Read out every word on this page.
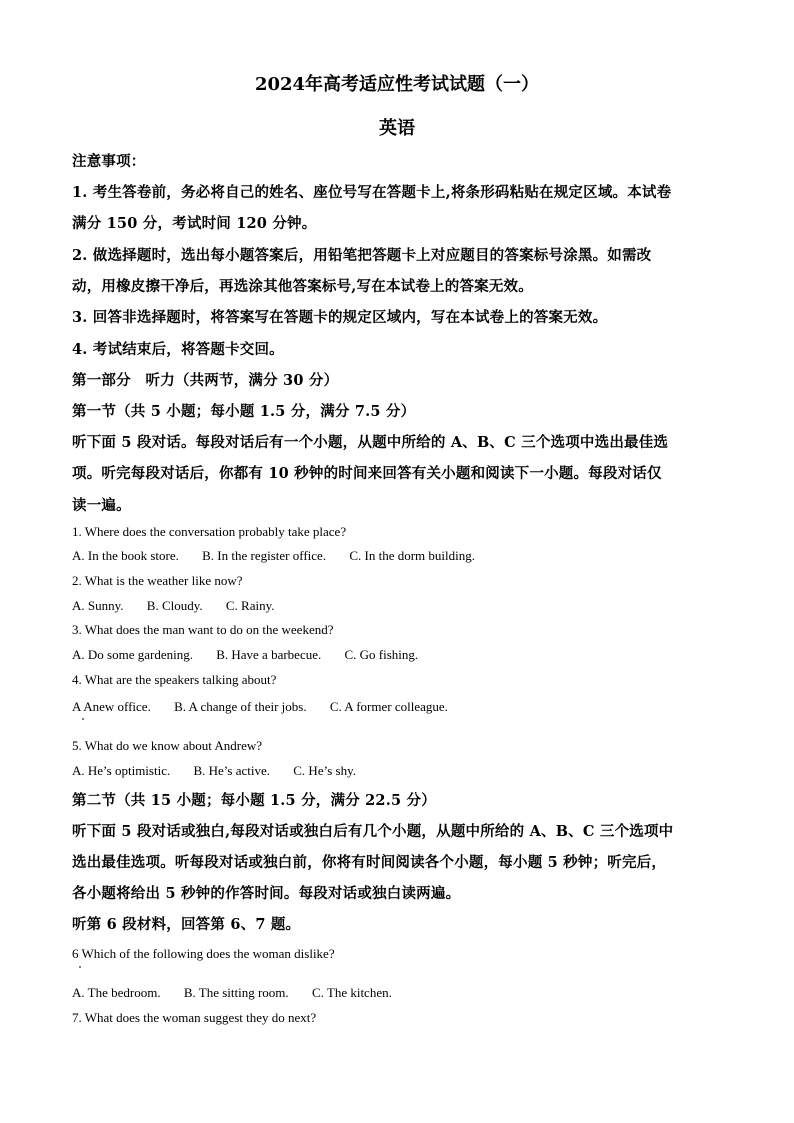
2024年高考适应性考试试题（一）
英语
注意事项：
1. 考生答卷前，务必将自己的姓名、座位号写在答题卡上,将条形码粘贴在规定区域。本试卷
满分 150 分，考试时间 120 分钟。
2. 做选择题时，选出每小题答案后，用铅笔把答题卡上对应题目的答案标号涂黑。如需改
动，用橡皮擦干净后，再选涂其他答案标号,写在本试卷上的答案无效。
3. 回答非选择题时，将答案写在答题卡的规定区域内，写在本试卷上的答案无效。
4. 考试结束后，将答题卡交回。
第一部分　听力（共两节，满分 30 分）
第一节（共 5 小题；每小题 1.5 分，满分 7.5 分）
听下面 5 段对话。每段对话后有一个小题，从题中所给的 A、B、C 三个选项中选出最佳选
项。听完每段对话后，你都有 10 秒钟的时间来回答有关小题和阅读下一小题。每段对话仅
读一遍。
1. Where does the conversation probably take place?
A. In the book store. B. In the register office. C. In the dorm building.
2. What is the weather like now?
A. Sunny. B. Cloudy. C. Rainy.
3. What does the man want to do on the weekend?
A. Do some gardening. B. Have a barbecue. C. Go fishing.
4. What are the speakers talking about?
A Anew office. B. A change of their jobs. C. A former colleague.
5. What do we know about Andrew?
A. He’s optimistic. B. He’s active. C. He’s shy.
第二节（共 15 小题；每小题 1.5 分，满分 22.5 分）
听下面 5 段对话或独白,每段对话或独白后有几个小题，从题中所给的 A、B、C 三个选项中
选出最佳选项。听每段对话或独白前，你将有时间阅读各个小题，每小题 5 秒钟；听完后，
各小题将给出 5 秒钟的作答时间。每段对话或独白读两遍。
听第 6 段材料，回答第 6、7 题。
6 Which of the following does the woman dislike?
A. The bedroom. B. The sitting room. C. The kitchen.
7. What does the woman suggest they do next?
